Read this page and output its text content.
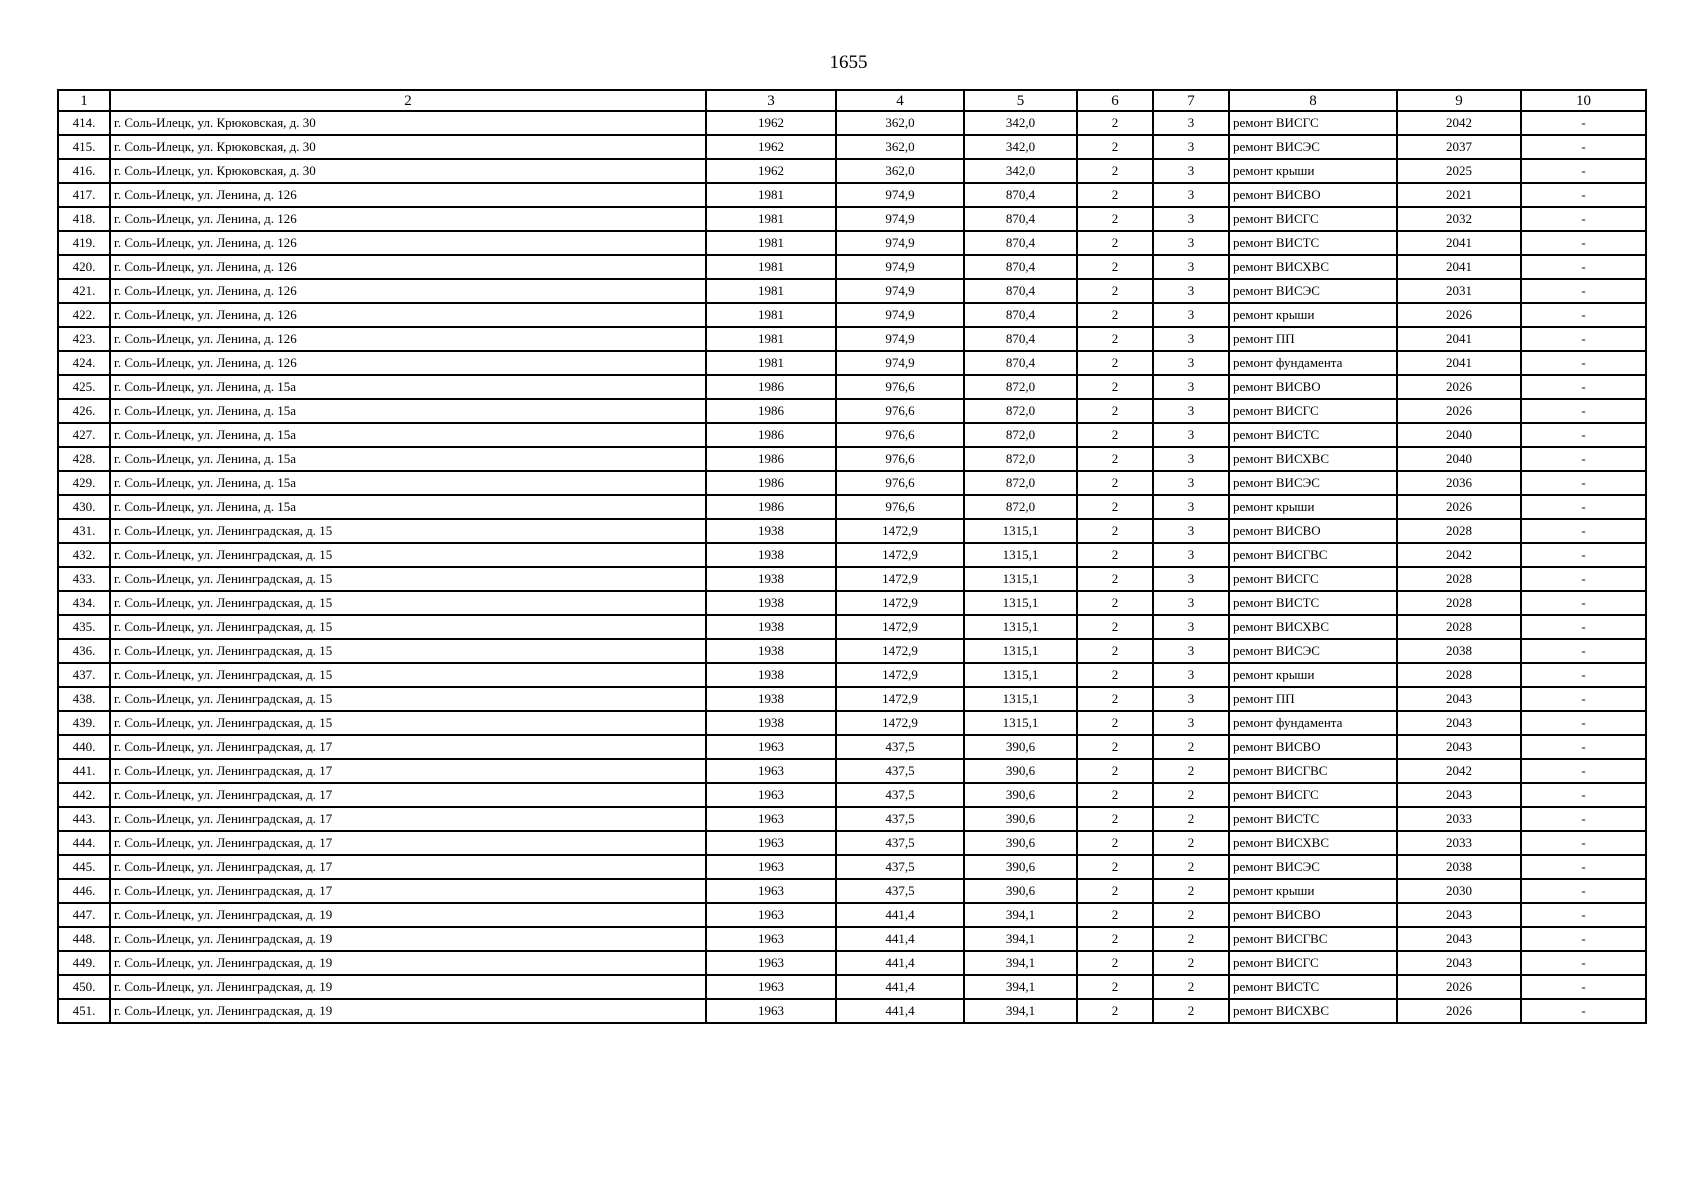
1655
1	2	3	4	5	6	7	8	9	10
414.	г. Соль-Илецк, ул. Крюковская, д. 30	1962	362,0	342,0	2	3	ремонт ВИСГС	2042	-
415.	г. Соль-Илецк, ул. Крюковская, д. 30	1962	362,0	342,0	2	3	ремонт ВИСЭС	2037	-
416.	г. Соль-Илецк, ул. Крюковская, д. 30	1962	362,0	342,0	2	3	ремонт крыши	2025	-
417.	г. Соль-Илецк, ул. Ленина, д. 126	1981	974,9	870,4	2	3	ремонт ВИСВО	2021	-
418.	г. Соль-Илецк, ул. Ленина, д. 126	1981	974,9	870,4	2	3	ремонт ВИСГС	2032	-
419.	г. Соль-Илецк, ул. Ленина, д. 126	1981	974,9	870,4	2	3	ремонт ВИСТС	2041	-
420.	г. Соль-Илецк, ул. Ленина, д. 126	1981	974,9	870,4	2	3	ремонт ВИСХВС	2041	-
421.	г. Соль-Илецк, ул. Ленина, д. 126	1981	974,9	870,4	2	3	ремонт ВИСЭС	2031	-
422.	г. Соль-Илецк, ул. Ленина, д. 126	1981	974,9	870,4	2	3	ремонт крыши	2026	-
423.	г. Соль-Илецк, ул. Ленина, д. 126	1981	974,9	870,4	2	3	ремонт ПП	2041	-
424.	г. Соль-Илецк, ул. Ленина, д. 126	1981	974,9	870,4	2	3	ремонт фундамента	2041	-
425.	г. Соль-Илецк, ул. Ленина, д. 15а	1986	976,6	872,0	2	3	ремонт ВИСВО	2026	-
426.	г. Соль-Илецк, ул. Ленина, д. 15а	1986	976,6	872,0	2	3	ремонт ВИСГС	2026	-
427.	г. Соль-Илецк, ул. Ленина, д. 15а	1986	976,6	872,0	2	3	ремонт ВИСТС	2040	-
428.	г. Соль-Илецк, ул. Ленина, д. 15а	1986	976,6	872,0	2	3	ремонт ВИСХВС	2040	-
429.	г. Соль-Илецк, ул. Ленина, д. 15а	1986	976,6	872,0	2	3	ремонт ВИСЭС	2036	-
430.	г. Соль-Илецк, ул. Ленина, д. 15а	1986	976,6	872,0	2	3	ремонт крыши	2026	-
431.	г. Соль-Илецк, ул. Ленинградская, д. 15	1938	1472,9	1315,1	2	3	ремонт ВИСВО	2028	-
432.	г. Соль-Илецк, ул. Ленинградская, д. 15	1938	1472,9	1315,1	2	3	ремонт ВИСГВС	2042	-
433.	г. Соль-Илецк, ул. Ленинградская, д. 15	1938	1472,9	1315,1	2	3	ремонт ВИСГС	2028	-
434.	г. Соль-Илецк, ул. Ленинградская, д. 15	1938	1472,9	1315,1	2	3	ремонт ВИСТС	2028	-
435.	г. Соль-Илецк, ул. Ленинградская, д. 15	1938	1472,9	1315,1	2	3	ремонт ВИСХВС	2028	-
436.	г. Соль-Илецк, ул. Ленинградская, д. 15	1938	1472,9	1315,1	2	3	ремонт ВИСЭС	2038	-
437.	г. Соль-Илецк, ул. Ленинградская, д. 15	1938	1472,9	1315,1	2	3	ремонт крыши	2028	-
438.	г. Соль-Илецк, ул. Ленинградская, д. 15	1938	1472,9	1315,1	2	3	ремонт ПП	2043	-
439.	г. Соль-Илецк, ул. Ленинградская, д. 15	1938	1472,9	1315,1	2	3	ремонт фундамента	2043	-
440.	г. Соль-Илецк, ул. Ленинградская, д. 17	1963	437,5	390,6	2	2	ремонт ВИСВО	2043	-
441.	г. Соль-Илецк, ул. Ленинградская, д. 17	1963	437,5	390,6	2	2	ремонт ВИСГВС	2042	-
442.	г. Соль-Илецк, ул. Ленинградская, д. 17	1963	437,5	390,6	2	2	ремонт ВИСГС	2043	-
443.	г. Соль-Илецк, ул. Ленинградская, д. 17	1963	437,5	390,6	2	2	ремонт ВИСТС	2033	-
444.	г. Соль-Илецк, ул. Ленинградская, д. 17	1963	437,5	390,6	2	2	ремонт ВИСХВС	2033	-
445.	г. Соль-Илецк, ул. Ленинградская, д. 17	1963	437,5	390,6	2	2	ремонт ВИСЭС	2038	-
446.	г. Соль-Илецк, ул. Ленинградская, д. 17	1963	437,5	390,6	2	2	ремонт крыши	2030	-
447.	г. Соль-Илецк, ул. Ленинградская, д. 19	1963	441,4	394,1	2	2	ремонт ВИСВО	2043	-
448.	г. Соль-Илецк, ул. Ленинградская, д. 19	1963	441,4	394,1	2	2	ремонт ВИСГВС	2043	-
449.	г. Соль-Илецк, ул. Ленинградская, д. 19	1963	441,4	394,1	2	2	ремонт ВИСГС	2043	-
450.	г. Соль-Илецк, ул. Ленинградская, д. 19	1963	441,4	394,1	2	2	ремонт ВИСТС	2026	-
451.	г. Соль-Илецк, ул. Ленинградская, д. 19	1963	441,4	394,1	2	2	ремонт ВИСХВС	2026	-
